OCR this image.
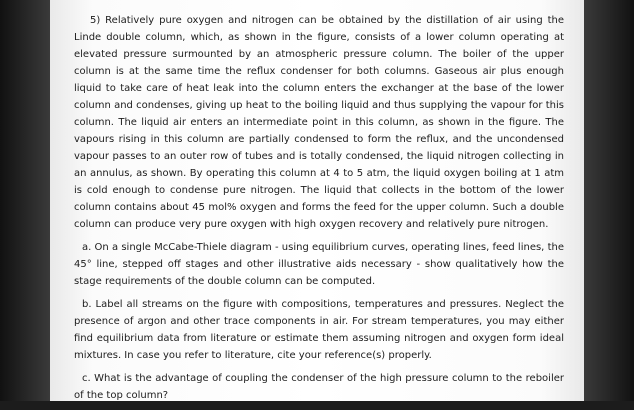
5) Relatively pure oxygen and nitrogen can be obtained by the distillation of air using the Linde double column, which, as shown in the figure, consists of a lower column operating at elevated pressure surmounted by an atmospheric pressure column. The boiler of the upper column is at the same time the reflux condenser for both columns. Gaseous air plus enough liquid to take care of heat leak into the column enters the exchanger at the base of the lower column and condenses, giving up heat to the boiling liquid and thus supplying the vapour for this column. The liquid air enters an intermediate point in this column, as shown in the figure. The vapours rising in this column are partially condensed to form the reflux, and the uncondensed vapour passes to an outer row of tubes and is totally condensed, the liquid nitrogen collecting in an annulus, as shown. By operating this column at 4 to 5 atm, the liquid oxygen boiling at 1 atm is cold enough to condense pure nitrogen. The liquid that collects in the bottom of the lower column contains about 45 mol% oxygen and forms the feed for the upper column. Such a double column can produce very pure oxygen with high oxygen recovery and relatively pure nitrogen.

a. On a single McCabe-Thiele diagram - using equilibrium curves, operating lines, feed lines, the 45° line, stepped off stages and other illustrative aids necessary - show qualitatively how the stage requirements of the double column can be computed.

b. Label all streams on the figure with compositions, temperatures and pressures. Neglect the presence of argon and other trace components in air. For stream temperatures, you may either find equilibrium data from literature or estimate them assuming nitrogen and oxygen form ideal mixtures. In case you refer to literature, cite your reference(s) properly.

c. What is the advantage of coupling the condenser of the high pressure column to the reboiler of the top column?
